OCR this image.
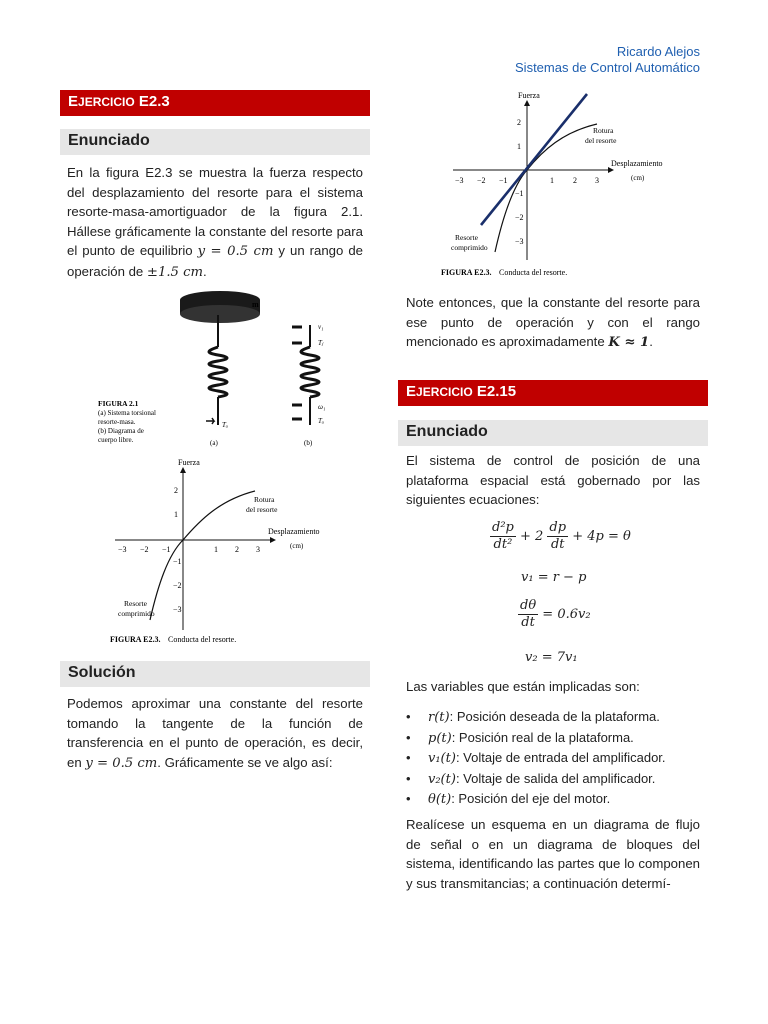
Ricardo Alejos
Sistemas de Control Automático
EJERCICIO E2.3
Enunciado
En la figura E2.3 se muestra la fuerza respecto del desplazamiento del resorte para el sistema resorte-masa-amortiguador de la figura 2.1. Hállese gráficamente la constante del resorte para el punto de equilibrio y = 0.5 cm y un rango de operación de ±1.5 cm.
m
Tₐ
(a)
v₁
Tⱼ
ω₁
Tₐ
(b)
FIGURA 2.1
(a) Sistema torsional
resorte-masa.
(b) Diagrama de
cuerpo libre.
Fuerza
Desplazamiento
(cm)
−3 −2 −1	1 2 3
2
1
−1
−2
−3
Rotura
del resorte
Resorte
comprimido
FIGURA E2.3. Conducta del resorte.
Solución
Podemos aproximar una constante del resorte tomando la tangente de la función de transferencia en el punto de operación, es decir, en y = 0.5 cm. Gráficamente se ve algo así:
Fuerza
Desplazamiento
(cm)
−3 −2 −1	1 2 3
2
1
−1
−2
−3
Rotura
del resorte
Resorte
comprimido
FIGURA E2.3. Conducta del resorte.
Note entonces, que la constante del resorte para ese punto de operación y con el rango mencionado es aproximadamente K ≈ 1.
EJERCICIO E2.15
Enunciado
El sistema de control de posición de una plataforma espacial está gobernado por las siguientes ecuaciones:
$\frac{\text{d²p}}{\text{dt²}} + 2 \frac{dp}{dt} + 4p = \theta$
v₁ = r − p
$\frac{d\theta}{dt} = 0.6v_2$
v₂ = 7v₁
Las variables que están implicadas son:
• r(t): Posición deseada de la plataforma.
• p(t): Posición real de la plataforma.
• v₁(t): Voltaje de entrada del amplificador.
• v₂(t): Voltaje de salida del amplificador.
• θ(t): Posición del eje del motor.
Realícese un esquema en un diagrama de flujo de señal o en un diagrama de bloques del sistema, identificando las partes que lo componen y sus transmitancias; a continuación determí-
